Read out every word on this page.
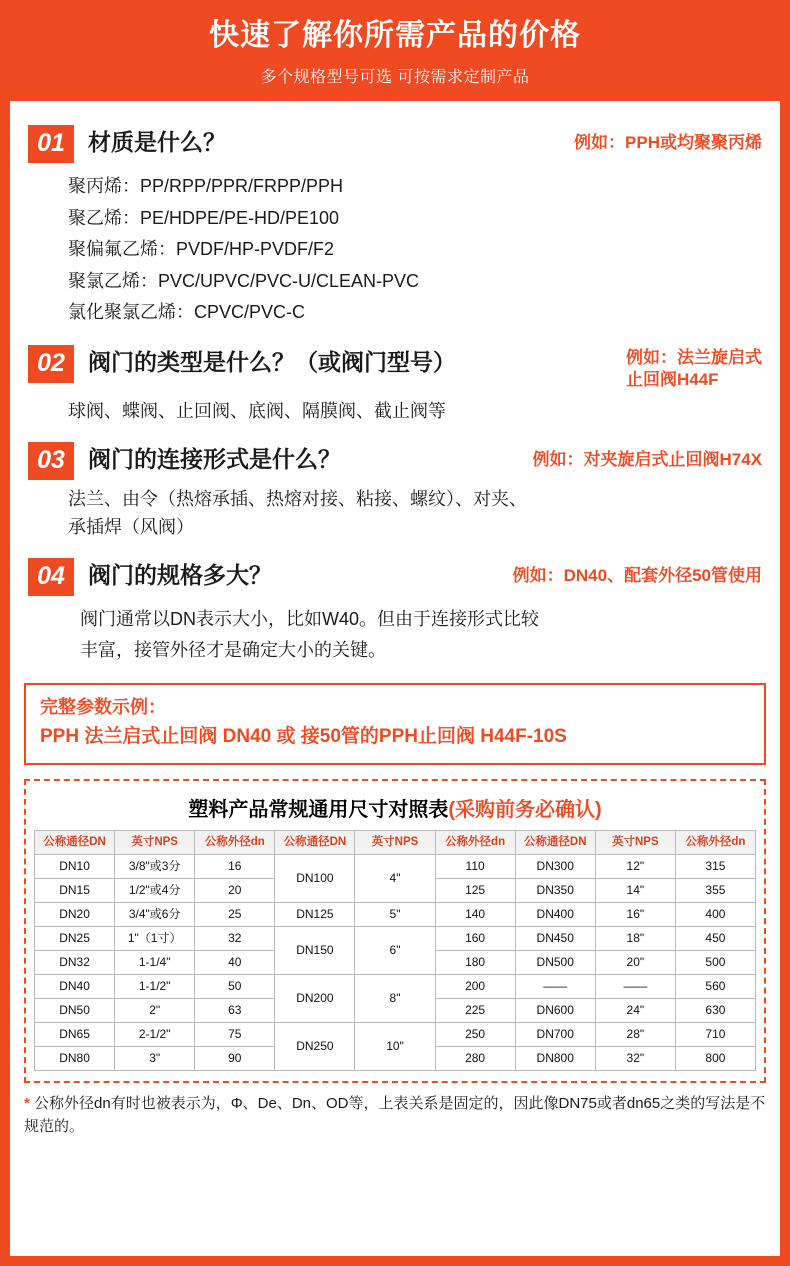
快速了解你所需产品的价格
多个规格型号可选 可按需求定制产品
01	材质是什么？	例如：PPH或均聚聚丙烯
聚丙烯：PP/RPP/PPR/FRPP/PPH
聚乙烯：PE/HDPE/PE-HD/PE100
聚偏氟乙烯：PVDF/HP-PVDF/F2
聚氯乙烯：PVC/UPVC/PVC-U/CLEAN-PVC
氯化聚氯乙烯：CPVC/PVC-C
02	阀门的类型是什么？（或阀门型号）	例如：法兰旋启式
止回阀H44F
球阀、蝶阀、止回阀、底阀、隔膜阀、截止阀等
03	阀门的连接形式是什么？	例如：对夹旋启式止回阀H74X
法兰、由令（热熔承插、热熔对接、粘接、螺纹）、对夹、
承插焊（风阀）
04	阀门的规格多大？	例如：DN40、配套外径50管使用
阀门通常以DN表示大小，比如W40。但由于连接形式比较
丰富，接管外径才是确定大小的关键。
完整参数示例：
PPH 法兰启式止回阀 DN40 或 接50管的PPH止回阀 H44F-10S
塑料产品常规通用尺寸对照表(采购前务必确认)
公称通径DN	英寸NPS	公称外径dn	公称通径DN	英寸NPS	公称外径dn	公称通径DN	英寸NPS	公称外径dn
DN10	3/8"或3分	16	DN100	4"	110	DN300	12"	315
DN15	1/2"或4分	20			125	DN350	14"	355
DN20	3/4"或6分	25	DN125	5"	140	DN400	16"	400
DN25	1"（1寸）	32	DN150	6"	160	DN450	18"	450
DN32	1-1/4"	40			180	DN500	20"	500
DN40	1-1/2"	50	DN200	8"	200	——	——	560
DN50	2"	63			225	DN600	24"	630
DN65	2-1/2"	75	DN250	10"	250	DN700	28"	710
DN80	3"	90			280	DN800	32"	800
* 公称外径dn有时也被表示为，Φ、De、Dn、OD等，上表关系是固定的，因此像DN75或者dn65之类的写法是不规范的。
